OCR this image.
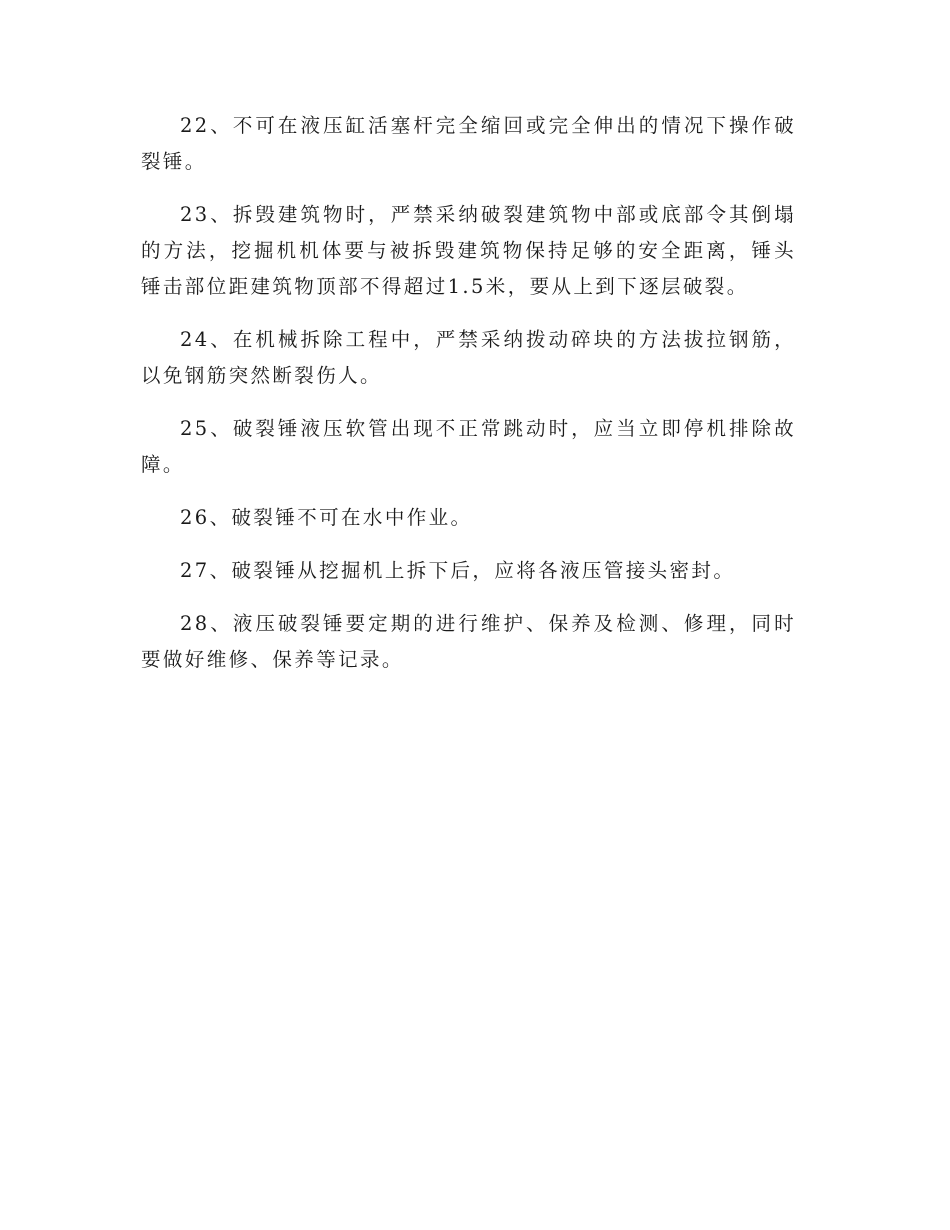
22、不可在液压缸活塞杆完全缩回或完全伸出的情况下操作破裂锤。

23、拆毁建筑物时，严禁采纳破裂建筑物中部或底部令其倒塌的方法，挖掘机机体要与被拆毁建筑物保持足够的安全距离，锤头锤击部位距建筑物顶部不得超过1.5米，要从上到下逐层破裂。

24、在机械拆除工程中，严禁采纳拨动碎块的方法拔拉钢筋，以免钢筋突然断裂伤人。

25、破裂锤液压软管出现不正常跳动时，应当立即停机排除故障。

26、破裂锤不可在水中作业。

27、破裂锤从挖掘机上拆下后，应将各液压管接头密封。

28、液压破裂锤要定期的进行维护、保养及检测、修理，同时要做好维修、保养等记录。
